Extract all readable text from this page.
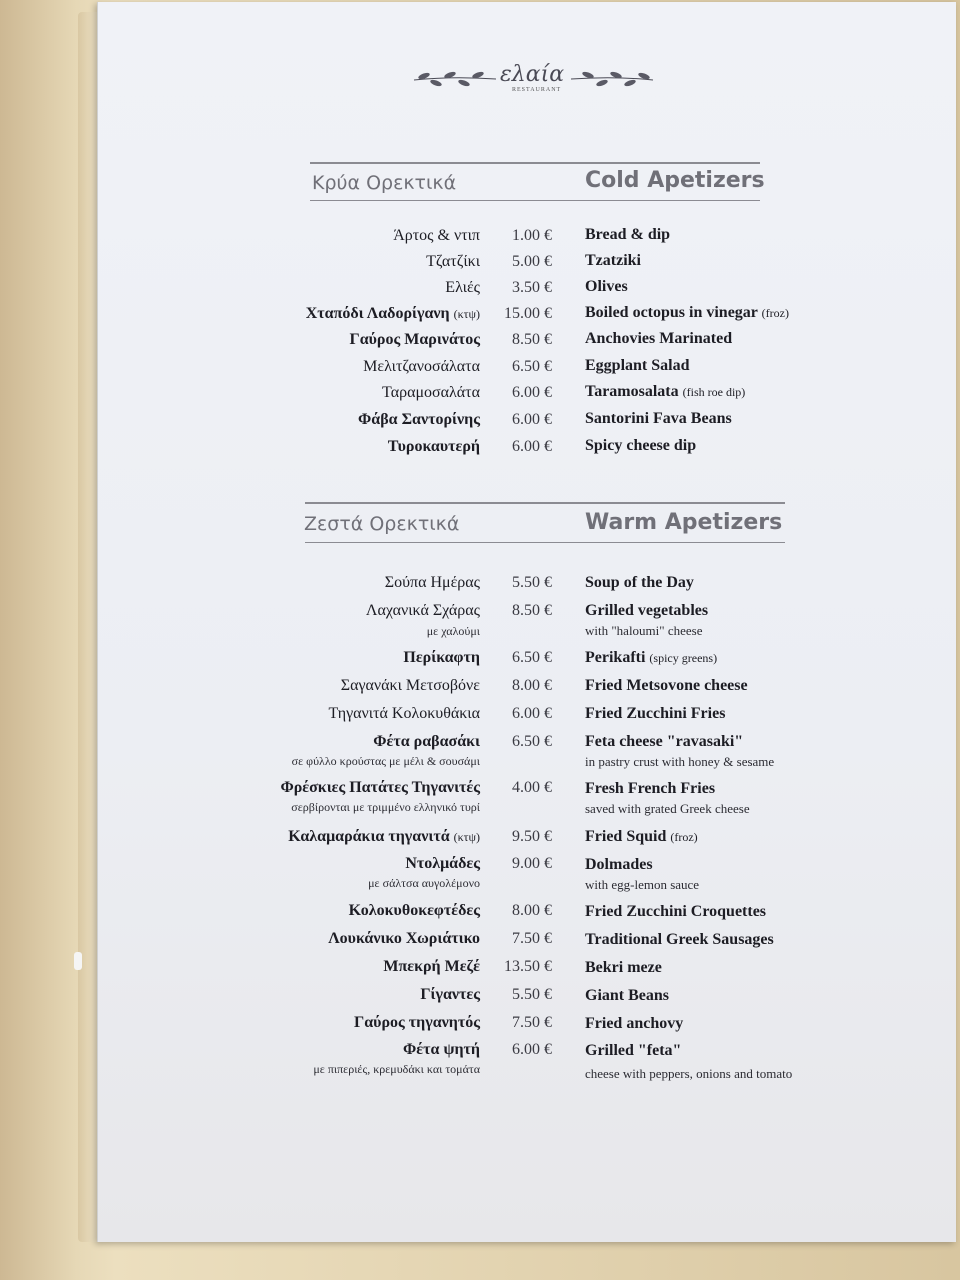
ελαία
RESTAURANT
Κρύα Ορεκτικά	Cold Apetizers
Άρτος & ντιπ 1.00 € Bread & dip
Τζατζίκι 5.00 € Tzatziki
Ελιές 3.50 € Olives
Χταπόδι Λαδορίγανη (κτψ) 15.00 € Boiled octopus in vinegar (froz)
Γαύρος Μαρινάτος 8.50 € Anchovies Marinated
Μελιτζανοσάλατα 6.50 € Eggplant Salad
Ταραμοσαλάτα 6.00 € Taramosalata (fish roe dip)
Φάβα Σαντορίνης 6.00 € Santorini Fava Beans
Τυροκαυτερή 6.00 € Spicy cheese dip
Ζεστά Ορεκτικά	Warm Apetizers
Σούπα Ημέρας 5.50 € Soup of the Day
Λαχανικά Σχάρας
με χαλούμι
8.50 € Grilled vegetables
with "haloumi" cheese
Περίκαφτη 6.50 € Perikafti (spicy greens)
Σαγανάκι Μετσοβόνε 8.00 € Fried Metsovone cheese
Τηγανιτά Κολοκυθάκια 6.00 € Fried Zucchini Fries
Φέτα ραβασάκι
σε φύλλο κρούστας με μέλι & σουσάμι
6.50 € Feta cheese "ravasaki"
in pastry crust with honey & sesame
Φρέσκιες Πατάτες Τηγανιτές
σερβίρονται με τριμμένο ελληνικό τυρί
4.00 € Fresh French Fries
saved with grated Greek cheese
Καλαμαράκια τηγανιτά (κτψ) 9.50 € Fried Squid (froz)
Ντολμάδες
με σάλτσα αυγολέμονο
9.00 € Dolmades
with egg-lemon sauce
Κολοκυθοκεφτέδες 8.00 € Fried Zucchini Croquettes
Λουκάνικο Χωριάτικο 7.50 € Traditional Greek Sausages
Μπεκρή Μεζέ 13.50 € Bekri meze
Γίγαντες 5.50 € Giant Beans
Γαύρος τηγανητός 7.50 € Fried anchovy
Φέτα ψητή
με πιπεριές, κρεμυδάκι και τομάτα
6.00 € Grilled "feta"
cheese with peppers, onions and tomato
